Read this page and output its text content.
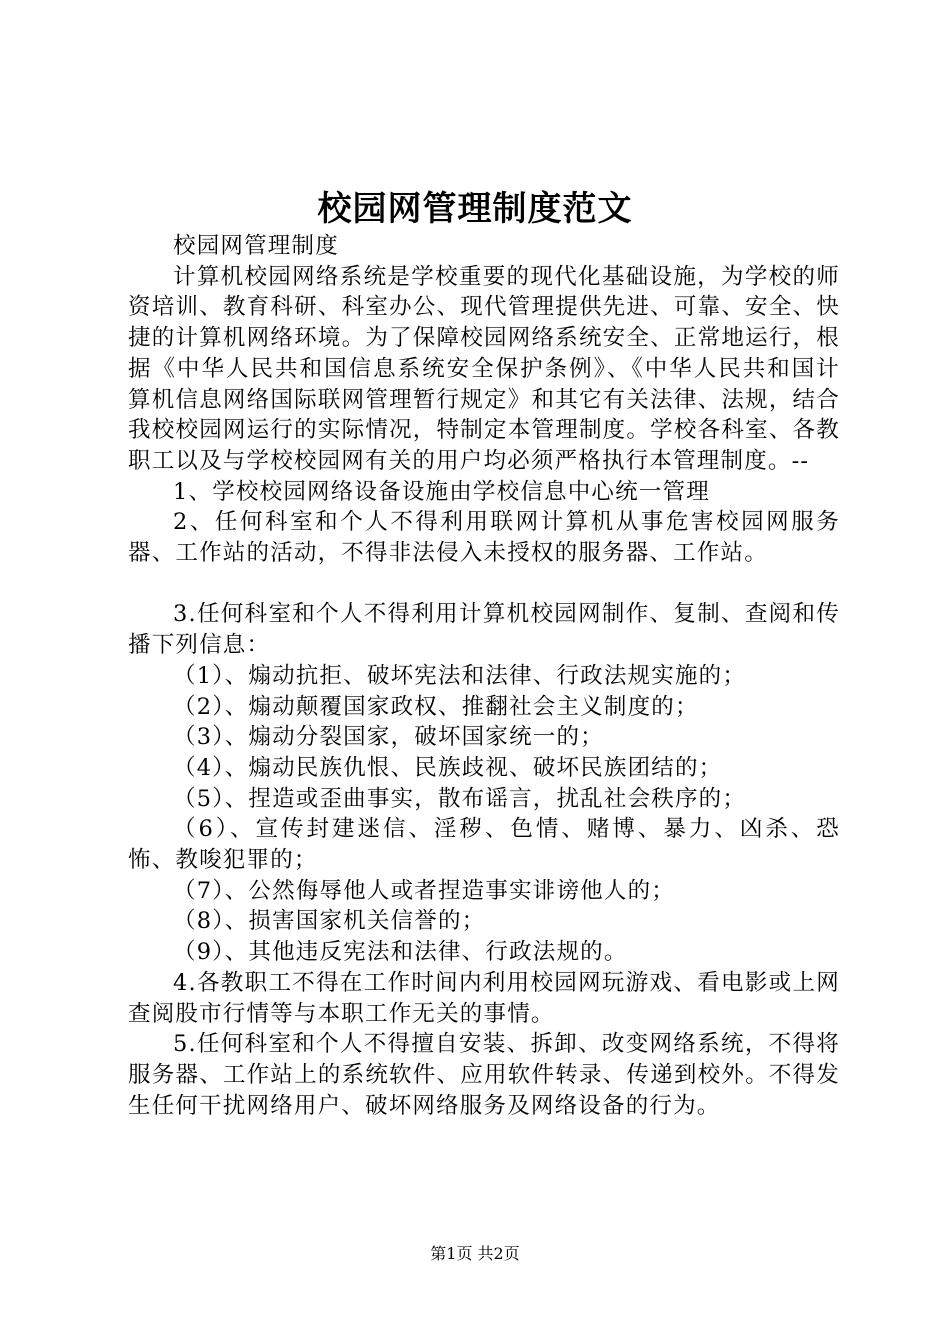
校园网管理制度范文

校园网管理制度

计算机校园网络系统是学校重要的现代化基础设施，为学校的师资培训、教育科研、科室办公、现代管理提供先进、可靠、安全、快捷的计算机网络环境。为了保障校园网络系统安全、正常地运行，根据《中华人民共和国信息系统安全保护条例》、《中华人民共和国计算机信息网络国际联网管理暂行规定》和其它有关法律、法规，结合我校校园网运行的实际情况，特制定本管理制度。学校各科室、各教职工以及与学校校园网有关的用户均必须严格执行本管理制度。--

1、学校校园网络设备设施由学校信息中心统一管理

2、任何科室和个人不得利用联网计算机从事危害校园网服务器、工作站的活动，不得非法侵入未授权的服务器、工作站。

3.任何科室和个人不得利用计算机校园网制作、复制、查阅和传播下列信息：

（1）、煽动抗拒、破坏宪法和法律、行政法规实施的；

（2）、煽动颠覆国家政权、推翻社会主义制度的；

（3）、煽动分裂国家，破坏国家统一的；

（4）、煽动民族仇恨、民族歧视、破坏民族团结的；

（5）、捏造或歪曲事实，散布谣言，扰乱社会秩序的；

（6）、宣传封建迷信、淫秽、色情、赌博、暴力、凶杀、恐怖、教唆犯罪的；

（7）、公然侮辱他人或者捏造事实诽谤他人的；

（8）、损害国家机关信誉的；

（9）、其他违反宪法和法律、行政法规的。

4.各教职工不得在工作时间内利用校园网玩游戏、看电影或上网查阅股市行情等与本职工作无关的事情。

5.任何科室和个人不得擅自安装、拆卸、改变网络系统，不得将服务器、工作站上的系统软件、应用软件转录、传递到校外。不得发生任何干扰网络用户、破坏网络服务及网络设备的行为。

第1页 共2页
